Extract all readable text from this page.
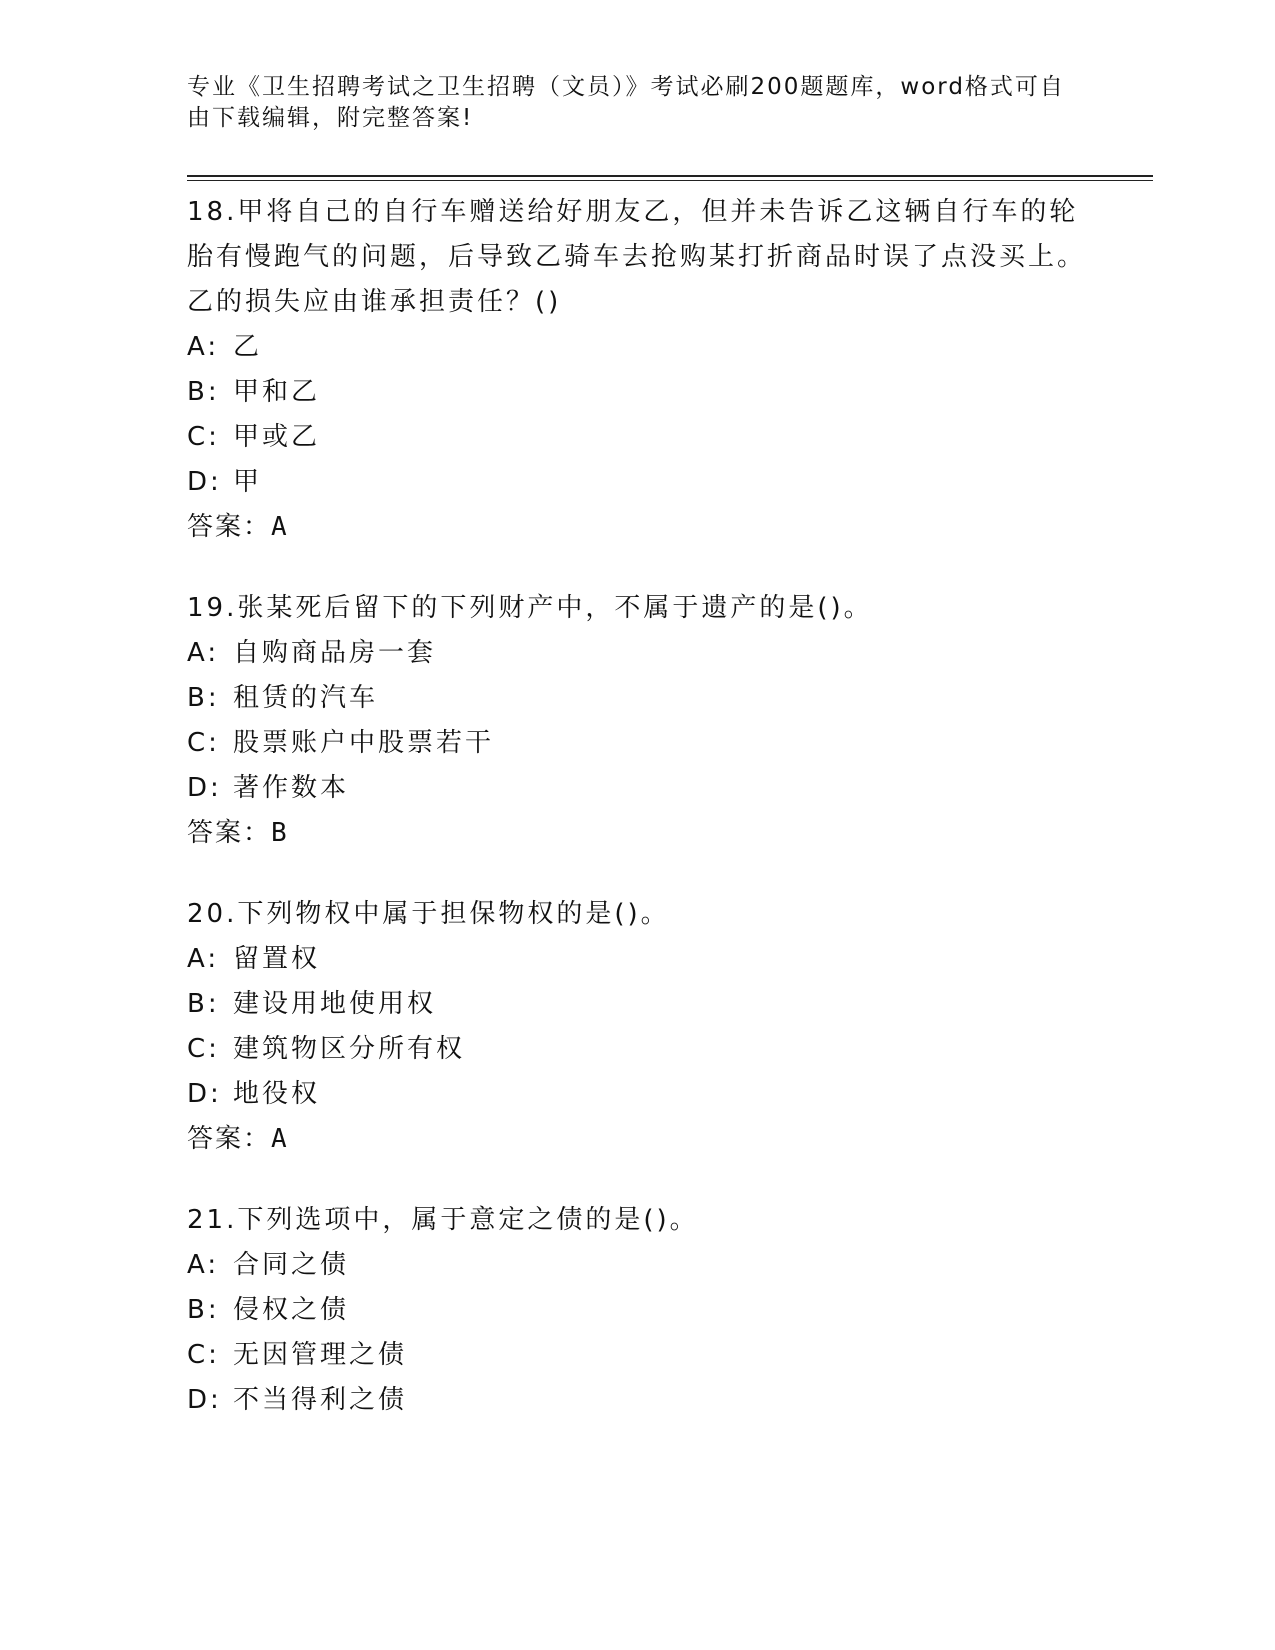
专业《卫生招聘考试之卫生招聘（文员）》考试必刷200题题库，word格式可自由下载编辑，附完整答案!

18.甲将自己的自行车赠送给好朋友乙，但并未告诉乙这辆自行车的轮胎有慢跑气的问题，后导致乙骑车去抢购某打折商品时误了点没买上。乙的损失应由谁承担责任？()

A: 乙

B: 甲和乙

C: 甲或乙

D: 甲

答案：A

19.张某死后留下的下列财产中，不属于遗产的是()。

A: 自购商品房一套

B: 租赁的汽车

C: 股票账户中股票若干

D: 著作数本

答案：B

20.下列物权中属于担保物权的是()。

A: 留置权

B: 建设用地使用权

C: 建筑物区分所有权

D: 地役权

答案：A

21.下列选项中，属于意定之债的是()。

A: 合同之债

B: 侵权之债

C: 无因管理之债

D: 不当得利之债
